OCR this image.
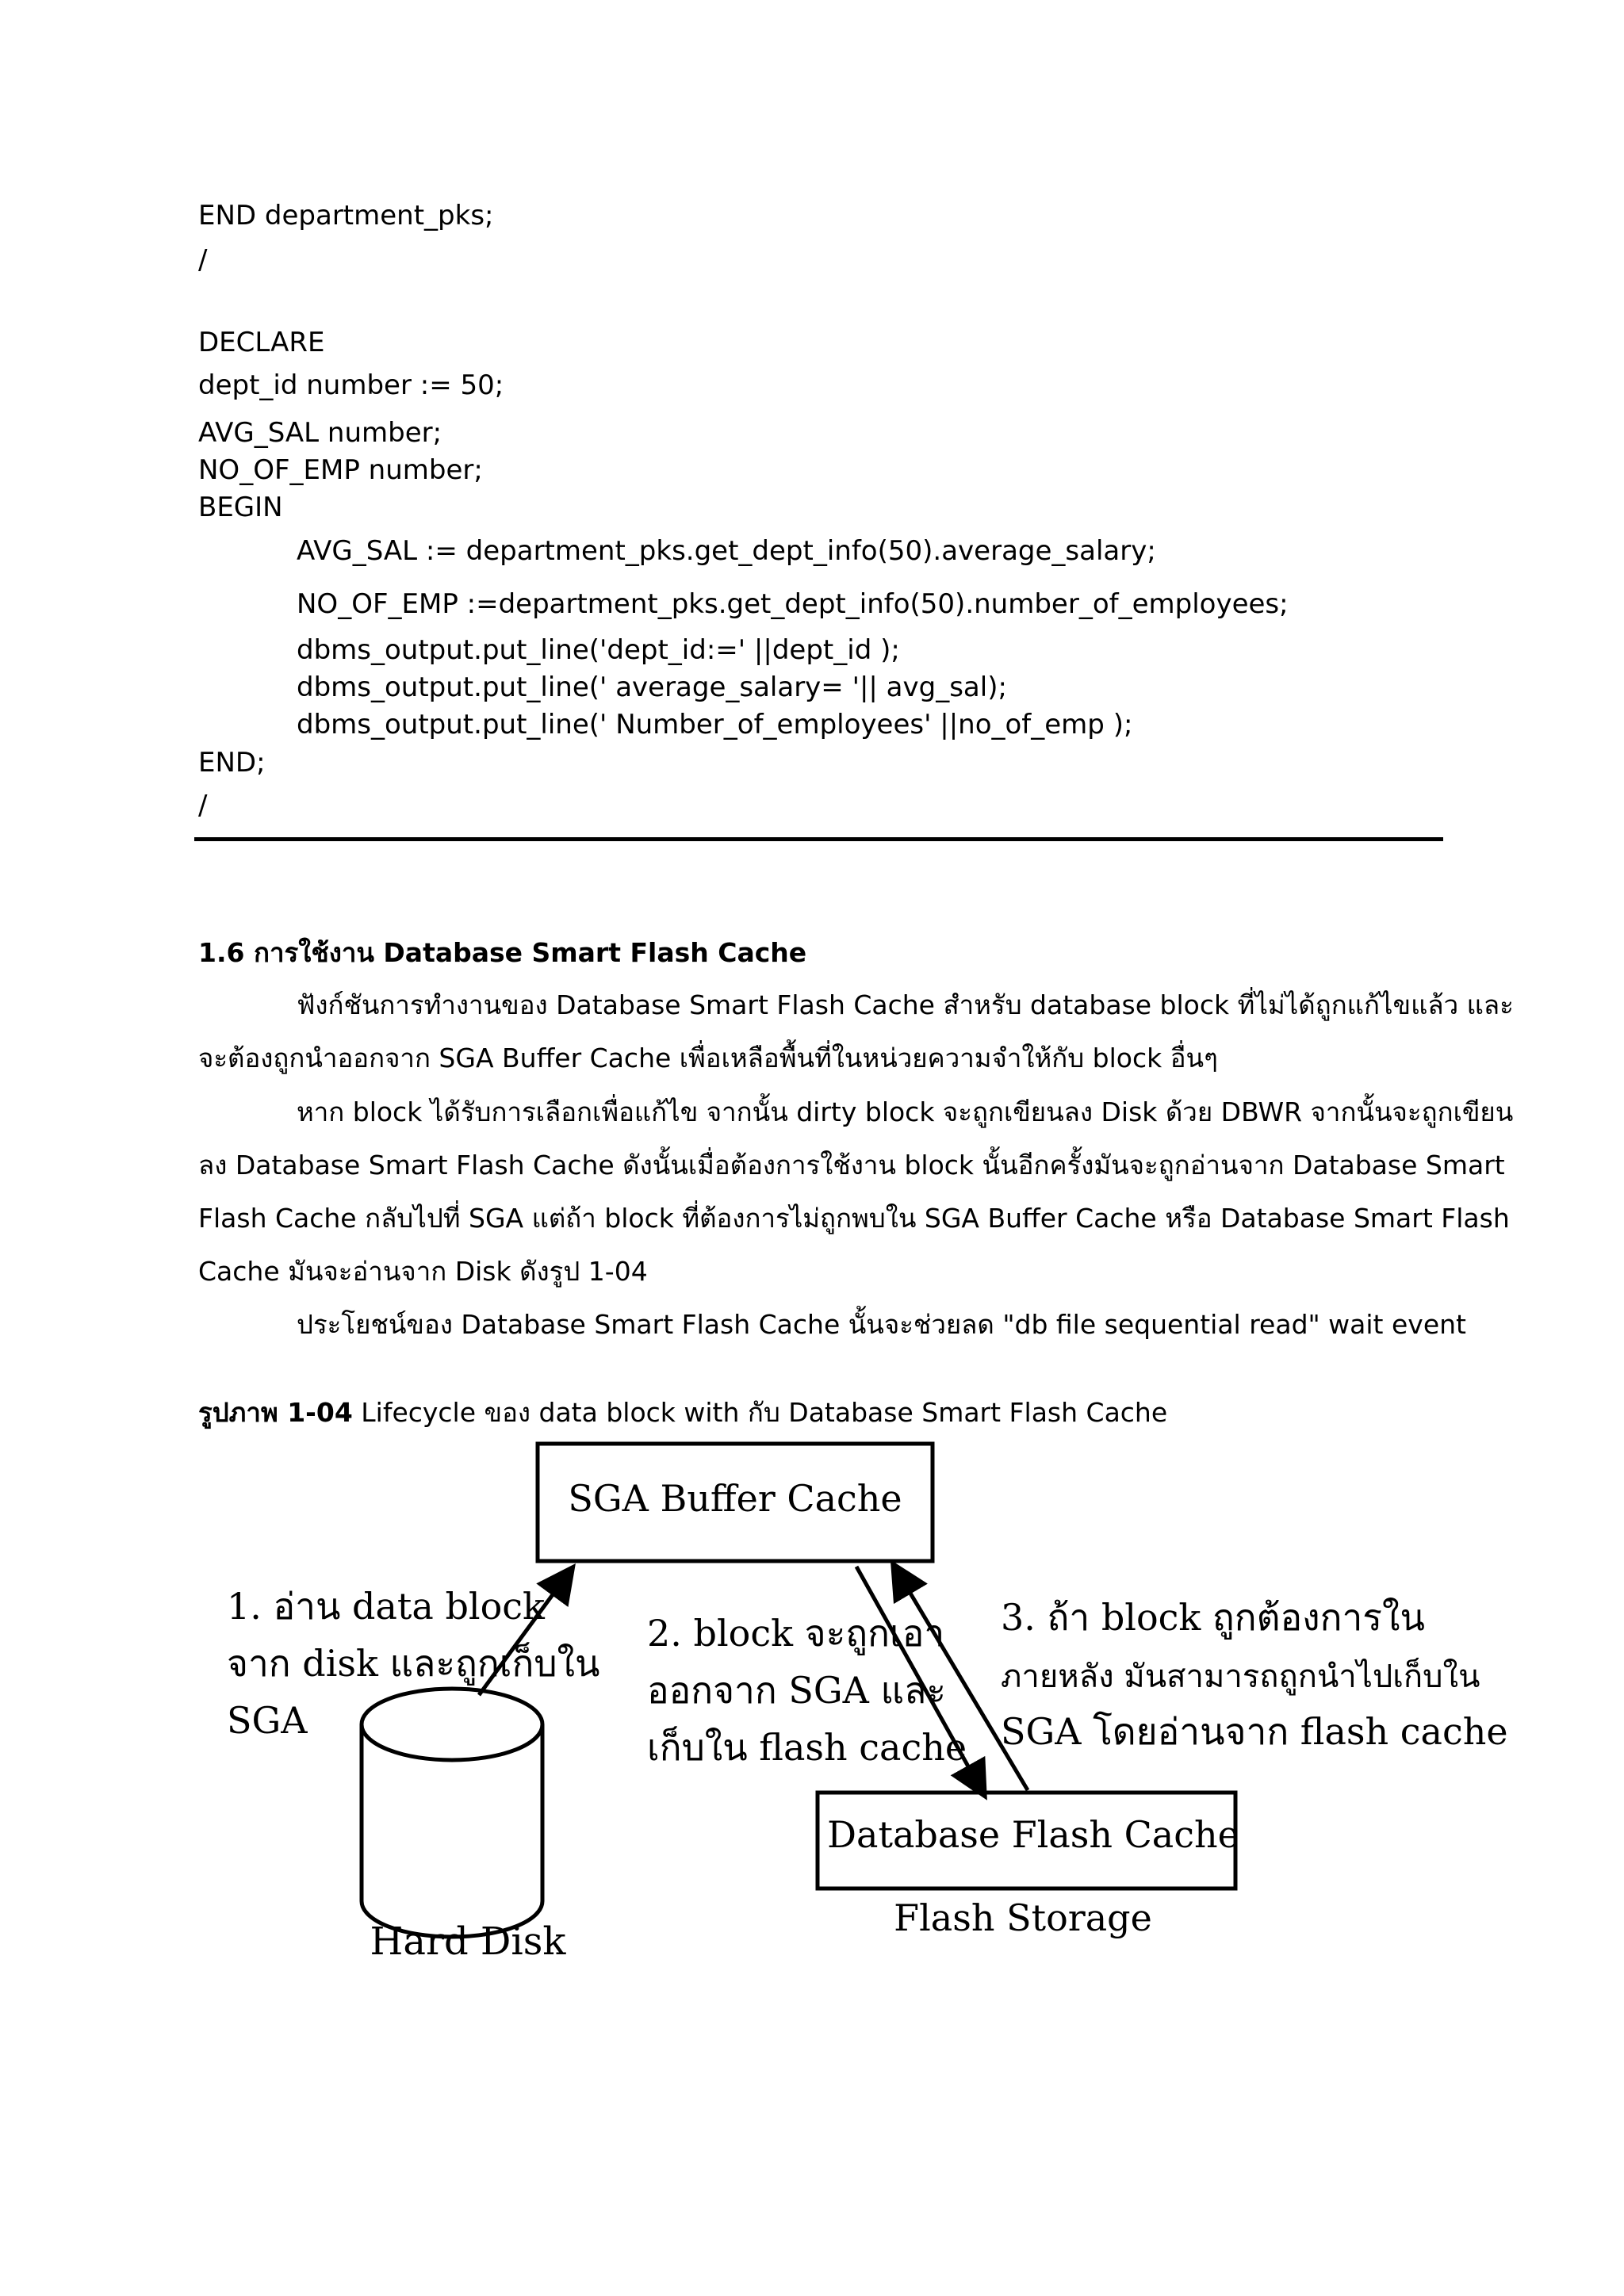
END department_pks;
/
DECLARE
dept_id number := 50;
AVG_SAL number;
NO_OF_EMP number;
BEGIN
AVG_SAL := department_pks.get_dept_info(50).average_salary;
NO_OF_EMP :=department_pks.get_dept_info(50).number_of_employees;
dbms_output.put_line('dept_id:=' ||dept_id );
dbms_output.put_line(' average_salary= '|| avg_sal);
dbms_output.put_line(' Number_of_employees' ||no_of_emp );
END;
/
1.6 การใช้งาน Database Smart Flash Cache
ฟังก์ชันการทำงานของ Database Smart Flash Cache สำหรับ database block ที่ไม่ได้ถูกแก้ไขแล้ว และ
จะต้องถูกนำออกจาก SGA Buffer Cache เพื่อเหลือพื้นที่ในหน่วยความจำให้กับ block อื่นๆ
หาก block ได้รับการเลือกเพื่อแก้ไข จากนั้น dirty block จะถูกเขียนลง Disk ด้วย DBWR จากนั้นจะถูกเขียน
ลง Database Smart Flash Cache ดังนั้นเมื่อต้องการใช้งาน block นั้นอีกครั้งมันจะถูกอ่านจาก Database Smart
Flash Cache กลับไปที่ SGA แต่ถ้า block ที่ต้องการไม่ถูกพบใน SGA Buffer Cache หรือ Database Smart Flash
Cache มันจะอ่านจาก Disk ดังรูป 1-04
ประโยชน์ของ Database Smart Flash Cache นั้นจะช่วยลด "db file sequential read" wait event
รูปภาพ 1-04 Lifecycle ของ data block with กับ Database Smart Flash Cache
SGA Buffer Cache
Database Flash Cache
Flash Storage
Hard Disk
1. อ่าน data block
จาก disk และถูกเก็บใน
SGA
2. block จะถูกเอา
ออกจาก SGA และ
เก็บใน flash cache
3. ถ้า block ถูกต้องการใน
ภายหลัง มันสามารถถูกนำไปเก็บใน
SGA โดยอ่านจาก flash cache
